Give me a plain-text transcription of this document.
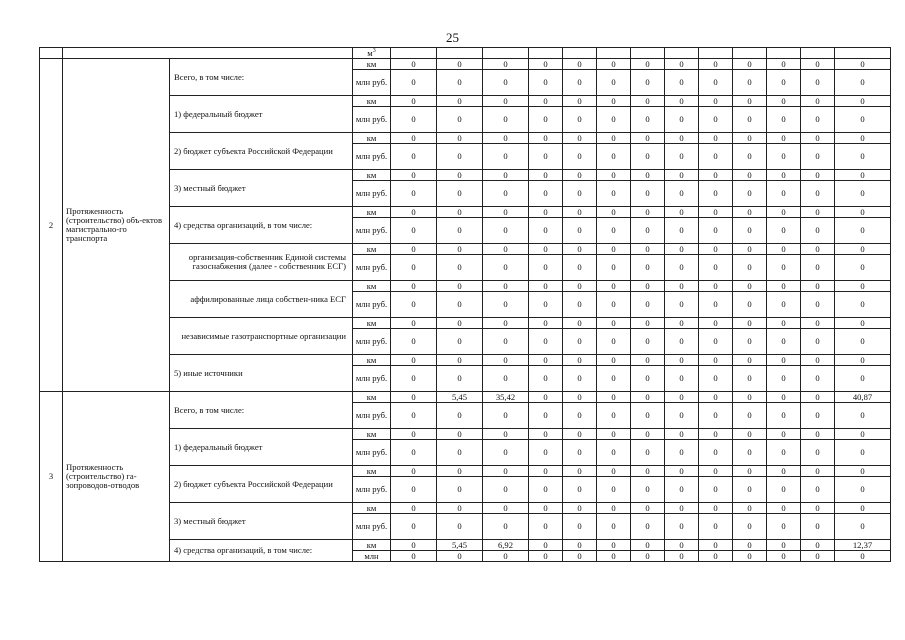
25
			$м^3$													
2	Протяженность (строительство) объ-ектов магистрально-го транспорта	Всего, в том числе:	км	0	0	0	0	0	0	0	0	0	0	0	0	0
			млн руб.	0	0	0	0	0	0	0	0	0	0	0	0	0
		1) федеральный бюджет	км	0	0	0	0	0	0	0	0	0	0	0	0	0
			млн руб.	0	0	0	0	0	0	0	0	0	0	0	0	0
		2) бюджет субъекта Российской Федерации	км	0	0	0	0	0	0	0	0	0	0	0	0	0
			млн руб.	0	0	0	0	0	0	0	0	0	0	0	0	0
		3) местный бюджет	км	0	0	0	0	0	0	0	0	0	0	0	0	0
			млн руб.	0	0	0	0	0	0	0	0	0	0	0	0	0
		4) средства организаций, в том числе:	км	0	0	0	0	0	0	0	0	0	0	0	0	0
			млн руб.	0	0	0	0	0	0	0	0	0	0	0	0	0
		организация-собственник Единой системы газоснабжения (далее - собственник ЕСГ)	км	0	0	0	0	0	0	0	0	0	0	0	0	0
			млн руб.	0	0	0	0	0	0	0	0	0	0	0	0	0
		аффилированные лица собствен-ника ЕСГ	км	0	0	0	0	0	0	0	0	0	0	0	0	0
			млн руб.	0	0	0	0	0	0	0	0	0	0	0	0	0
		независимые газотранспортные организации	км	0	0	0	0	0	0	0	0	0	0	0	0	0
			млн руб.	0	0	0	0	0	0	0	0	0	0	0	0	0
		5) иные источники	км	0	0	0	0	0	0	0	0	0	0	0	0	0
			млн руб.	0	0	0	0	0	0	0	0	0	0	0	0	0
3	Протяженность (строительство) га-зопроводов-отводов	Всего, в том числе:	км	0	5,45	35,42	0	0	0	0	0	0	0	0	0	40,87
			млн руб.	0	0	0	0	0	0	0	0	0	0	0	0	0
		1) федеральный бюджет	км	0	0	0	0	0	0	0	0	0	0	0	0	0
			млн руб.	0	0	0	0	0	0	0	0	0	0	0	0	0
		2) бюджет субъекта Российской Федерации	км	0	0	0	0	0	0	0	0	0	0	0	0	0
			млн руб.	0	0	0	0	0	0	0	0	0	0	0	0	0
		3) местный бюджет	км	0	0	0	0	0	0	0	0	0	0	0	0	0
			млн руб.	0	0	0	0	0	0	0	0	0	0	0	0	0
		4) средства организаций, в том числе:	км	0	5,45	6,92	0	0	0	0	0	0	0	0	0	12,37
			млн	0	0	0	0	0	0	0	0	0	0	0	0	0
